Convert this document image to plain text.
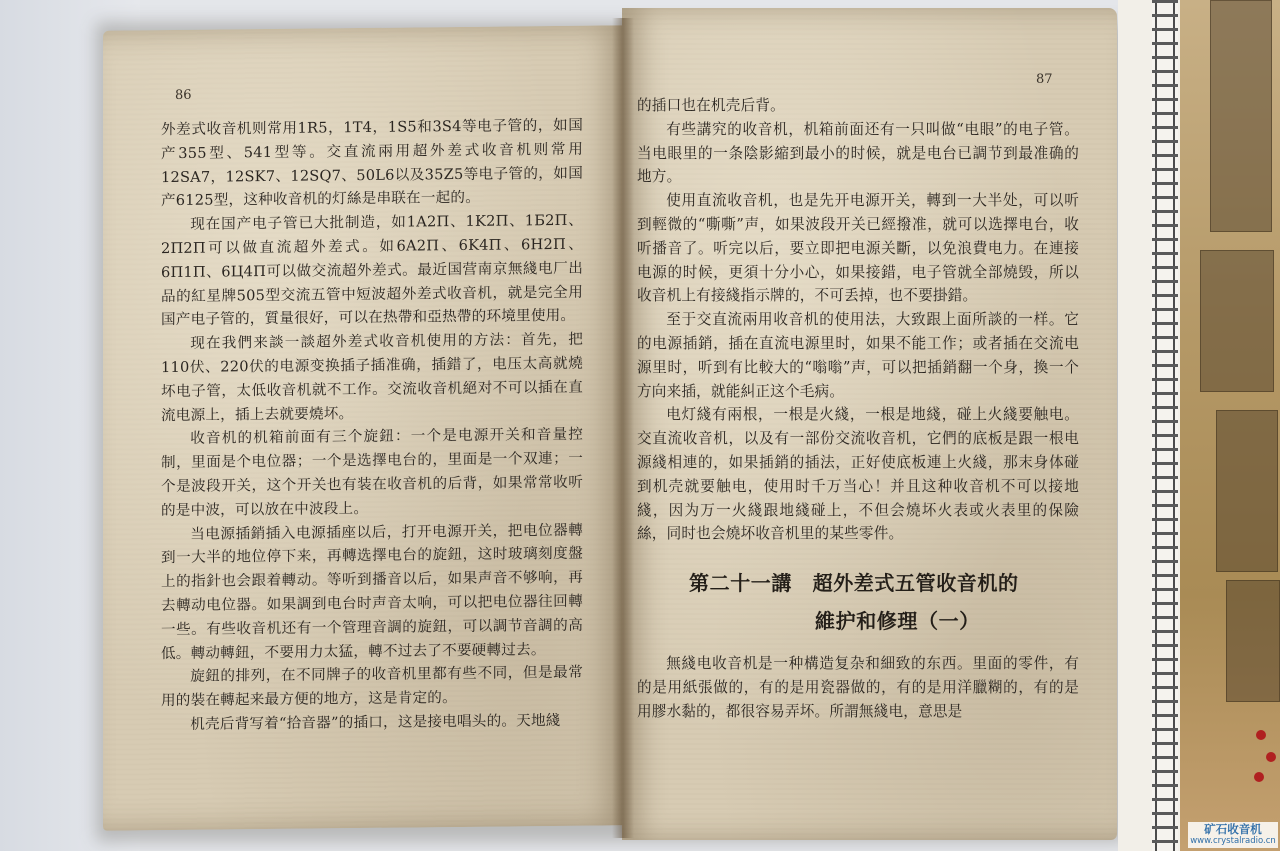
86

外差式收音机则常用1R5，1T4，1S5和3S4等电子管的，如国产355型、541型等。交直流兩用超外差式收音机则常用12SA7，12SK7、12SQ7、50L6以及35Z5等电子管的，如国产6125型，这种收音机的灯絲是串联在一起的。

现在国产电子管已大批制造，如1A2П、1K2П、1Б2П、2П2П可以做直流超外差式。如6A2П、6K4П、6H2П、6П1П、6Ц4П可以做交流超外差式。最近国营南京無綫电厂出品的紅星牌505型交流五管中短波超外差式收音机，就是完全用国产电子管的，質量很好，可以在热帶和亞热帶的环境里使用。

现在我們来談一談超外差式收音机使用的方法：首先，把110伏、220伏的电源变换插子插准确，插錯了，电压太高就燒坏电子管，太低收音机就不工作。交流收音机絕对不可以插在直流电源上，插上去就要燒坏。

收音机的机箱前面有三个旋鈕：一个是电源开关和音量控制，里面是个电位器；一个是选擇电台的，里面是一个双連；一个是波段开关，这个开关也有装在收音机的后背，如果常常收听的是中波，可以放在中波段上。

当电源插銷插入电源插座以后，打开电源开关，把电位器轉到一大半的地位停下来，再轉选擇电台的旋鈕，这时玻璃刻度盤上的指針也会跟着轉动。等听到播音以后，如果声音不够响，再去轉动电位器。如果調到电台时声音太响，可以把电位器往回轉一些。有些收音机还有一个管理音調的旋鈕，可以調节音調的高低。轉动轉鈕，不要用力太猛，轉不过去了不要硬轉过去。

旋鈕的排列，在不同牌子的收音机里都有些不同，但是最常用的裝在轉起来最方便的地方，这是肯定的。

机壳后背写着“拾音器”的插口，这是接电唱头的。天地綫

87

的插口也在机壳后背。

有些講究的收音机，机箱前面还有一只叫做“电眼”的电子管。当电眼里的一条陰影縮到最小的时候，就是电台已調节到最准确的地方。

使用直流收音机，也是先开电源开关，轉到一大半处，可以听到輕微的“嘶嘶”声，如果波段开关已經撥准，就可以选擇电台，收听播音了。听完以后，要立即把电源关斷，以免浪費电力。在連接电源的时候，更須十分小心，如果接錯，电子管就全部燒毁，所以收音机上有接綫指示牌的，不可丢掉，也不要掛錯。

至于交直流兩用收音机的使用法，大致跟上面所談的一样。它的电源插銷，插在直流电源里时，如果不能工作；或者插在交流电源里时，听到有比較大的“嗡嗡”声，可以把插銷翻一个身，換一个方向来插，就能糾正这个毛病。

电灯綫有兩根，一根是火綫，一根是地綫，碰上火綫要触电。交直流收音机，以及有一部份交流收音机，它們的底板是跟一根电源綫相連的，如果插銷的插法，正好使底板連上火綫，那末身体碰到机壳就要触电，使用时千万当心！并且这种收音机不可以接地綫，因为万一火綫跟地綫碰上，不但会燒坏火表或火表里的保險絲，同时也会燒坏收音机里的某些零件。

第二十一講　超外差式五管收音机的
維护和修理（一）

無綫电收音机是一种構造复杂和細致的东西。里面的零件，有的是用紙張做的，有的是用瓷器做的，有的是用洋臘糊的，有的是用膠水黏的，都很容易弄坏。所謂無綫电，意思是

矿石收音机
www.crystalradio.cn
